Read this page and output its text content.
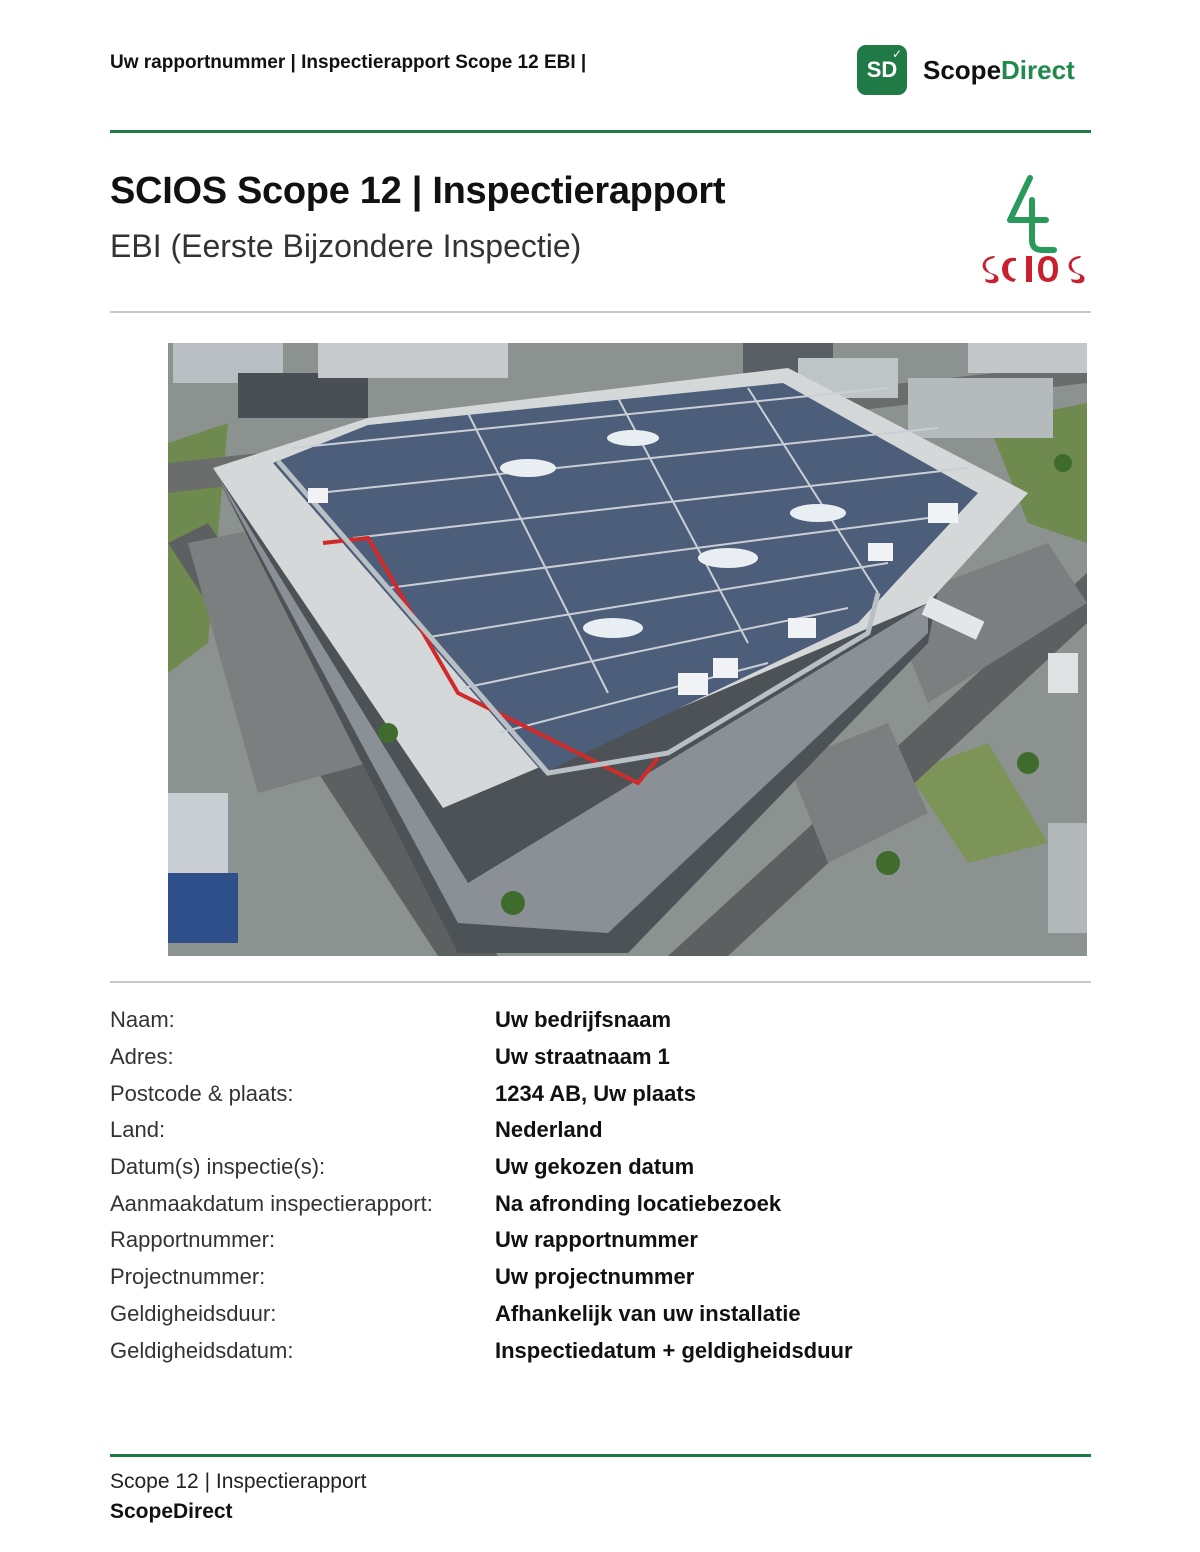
Uw rapportnummer | Inspectierapport Scope 12 EBI |	SD
✓
ScopeDirect
SCIOS Scope 12 | Inspectierapport
EBI (Eerste Bijzondere Inspectie)
Naam:	Uw bedrijfsnaam
Adres:	Uw straatnaam 1
Postcode & plaats:	1234 AB, Uw plaats
Land:	Nederland
Datum(s) inspectie(s):	Uw gekozen datum
Aanmaakdatum inspectierapport:	Na afronding locatiebezoek
Rapportnummer:	Uw rapportnummer
Projectnummer:	Uw projectnummer
Geldigheidsduur:	Afhankelijk van uw installatie
Geldigheidsdatum:	Inspectiedatum + geldigheidsduur
Scope 12 | Inspectierapport
ScopeDirect
